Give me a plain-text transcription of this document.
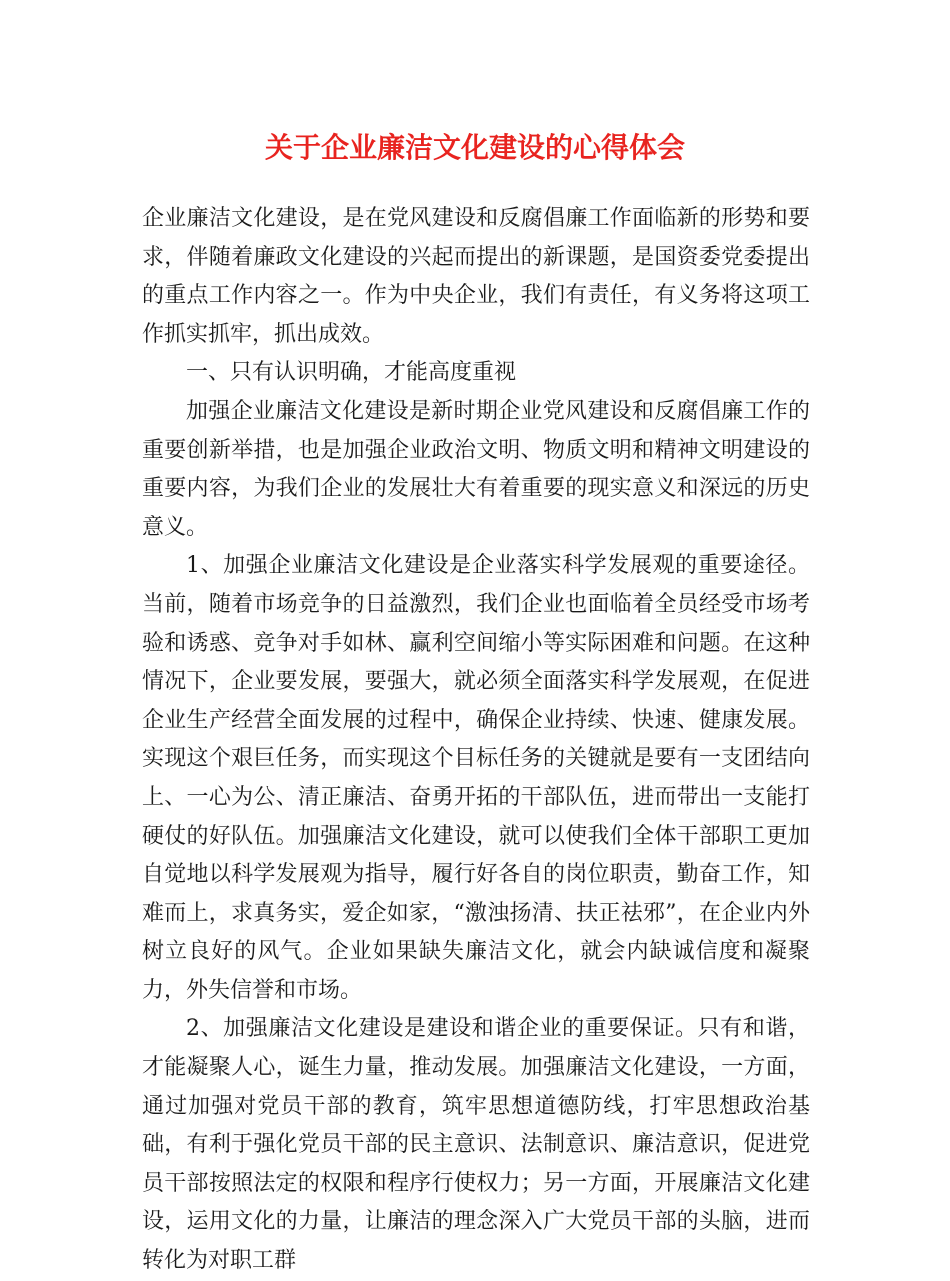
关于企业廉洁文化建设的心得体会

企业廉洁文化建设，是在党风建设和反腐倡廉工作面临新的形势和要求，伴随着廉政文化建设的兴起而提出的新课题，是国资委党委提出的重点工作内容之一。作为中央企业，我们有责任，有义务将这项工作抓实抓牢，抓出成效。

一、只有认识明确，才能高度重视

加强企业廉洁文化建设是新时期企业党风建设和反腐倡廉工作的重要创新举措，也是加强企业政治文明、物质文明和精神文明建设的重要内容，为我们企业的发展壮大有着重要的现实意义和深远的历史意义。

1、加强企业廉洁文化建设是企业落实科学发展观的重要途径。当前，随着市场竞争的日益激烈，我们企业也面临着全员经受市场考验和诱惑、竞争对手如林、赢利空间缩小等实际困难和问题。在这种情况下，企业要发展，要强大，就必须全面落实科学发展观，在促进企业生产经营全面发展的过程中，确保企业持续、快速、健康发展。实现这个艰巨任务，而实现这个目标任务的关键就是要有一支团结向上、一心为公、清正廉洁、奋勇开拓的干部队伍，进而带出一支能打硬仗的好队伍。加强廉洁文化建设，就可以使我们全体干部职工更加自觉地以科学发展观为指导，履行好各自的岗位职责，勤奋工作，知难而上，求真务实，爱企如家，“激浊扬清、扶正祛邪”，在企业内外树立良好的风气。企业如果缺失廉洁文化，就会内缺诚信度和凝聚力，外失信誉和市场。

2、加强廉洁文化建设是建设和谐企业的重要保证。只有和谐，才能凝聚人心，诞生力量，推动发展。加强廉洁文化建设，一方面，通过加强对党员干部的教育，筑牢思想道德防线，打牢思想政治基础，有利于强化党员干部的民主意识、法制意识、廉洁意识，促进党员干部按照法定的权限和程序行使权力；另一方面，开展廉洁文化建设，运用文化的力量，让廉洁的理念深入广大党员干部的头脑，进而转化为对职工群
